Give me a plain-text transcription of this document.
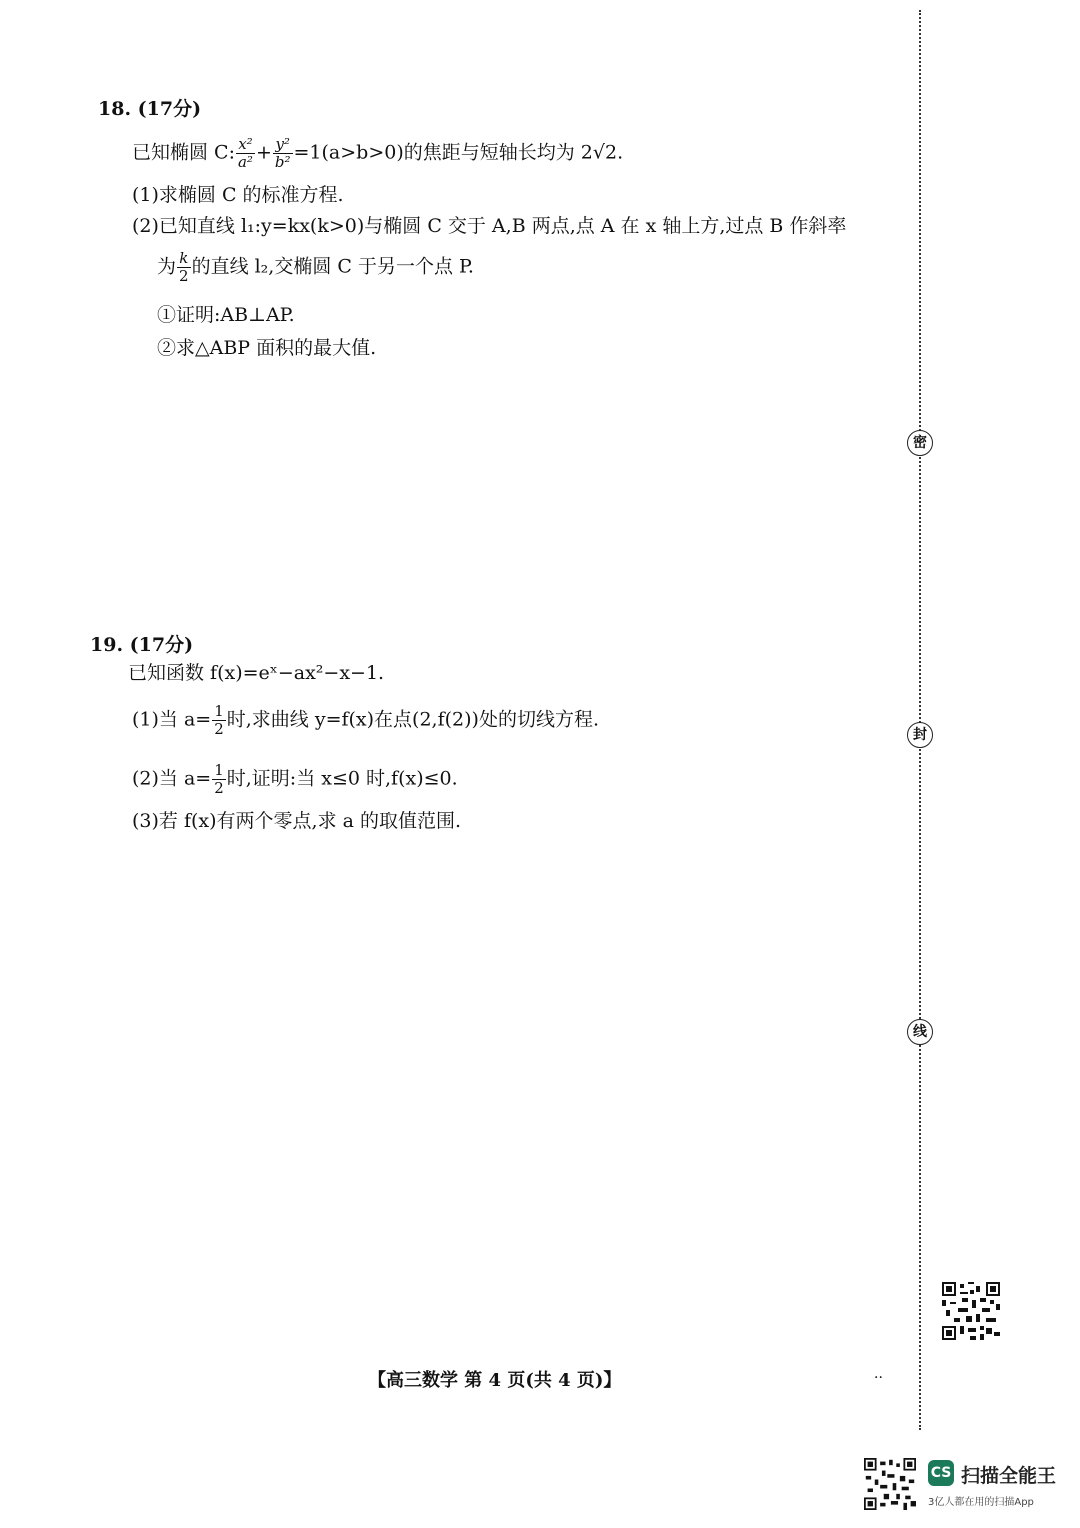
18. (17分)
已知椭圆 C: $\frac{\text{x²}}{\text{a²}} + \frac{\text{y²}}{\text{b²}} =1(a>b>0)$的焦距与短轴长均为 2√2.
(1)求椭圆 C 的标准方程.
(2)已知直线 l₁:y=kx(k>0)与椭圆 C 交于 A,B 两点,点 A 在 x 轴上方,过点 B 作斜率
为 $\frac{k}{2}$ 的直线 l₂,交椭圆 C 于另一个点 P.
①证明:AB⊥AP.
②求△ABP 面积的最大值.
19. (17分)
已知函数 f(x)=eˣ−ax²−x−1.
(1)当 $a= \frac{1}{2}$ 时,求曲线 y=f(x)在点(2,f(2))处的切线方程.
(2)当 $a= \frac{1}{2}$ 时,证明:当 x≤0 时,f(x)≤0.
(3)若 f(x)有两个零点,求 a 的取值范围.
密
封
线
【高三数学 第 4 页(共 4 页)】	··
CS 扫描全能王
3亿人都在用的扫描App
